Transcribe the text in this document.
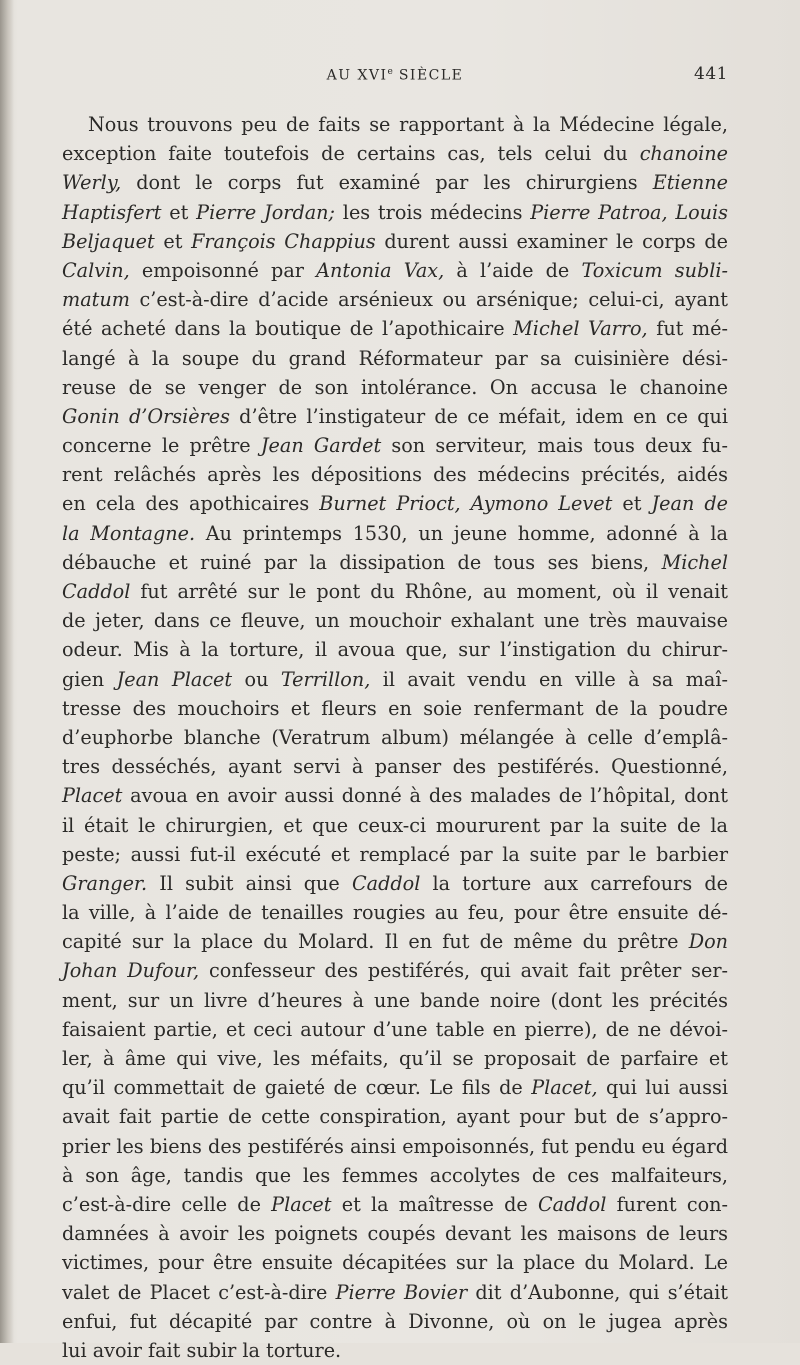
AU XVIe SIÈCLE	441
Nous trouvons peu de faits se rapportant à la Médecine légale,
exception faite toutefois de certains cas, tels celui du chanoine
Werly, dont le corps fut examiné par les chirurgiens Etienne
Haptisfert et Pierre Jordan; les trois médecins Pierre Patroa, Louis
Beljaquet et François Chappius durent aussi examiner le corps de
Calvin, empoisonné par Antonia Vax, à l’aide de Toxicum subli-
matum c’est-à-dire d’acide arsénieux ou arsénique; celui-ci, ayant
été acheté dans la boutique de l’apothicaire Michel Varro, fut mé-
langé à la soupe du grand Réformateur par sa cuisinière dési-
reuse de se venger de son intolérance. On accusa le chanoine
Gonin d’Orsières d’être l’instigateur de ce méfait, idem en ce qui
concerne le prêtre Jean Gardet son serviteur, mais tous deux fu-
rent relâchés après les dépositions des médecins précités, aidés
en cela des apothicaires Burnet Prioct, Aymono Levet et Jean de
la Montagne. Au printemps 1530, un jeune homme, adonné à la
débauche et ruiné par la dissipation de tous ses biens, Michel
Caddol fut arrêté sur le pont du Rhône, au moment, où il venait
de jeter, dans ce fleuve, un mouchoir exhalant une très mauvaise
odeur. Mis à la torture, il avoua que, sur l’instigation du chirur-
gien Jean Placet ou Terrillon, il avait vendu en ville à sa maî-
tresse des mouchoirs et fleurs en soie renfermant de la poudre
d’euphorbe blanche (Veratrum album) mélangée à celle d’emplâ-
tres desséchés, ayant servi à panser des pestiférés. Questionné,
Placet avoua en avoir aussi donné à des malades de l’hôpital, dont
il était le chirurgien, et que ceux-ci moururent par la suite de la
peste; aussi fut-il exécuté et remplacé par la suite par le barbier
Granger. Il subit ainsi que Caddol la torture aux carrefours de
la ville, à l’aide de tenailles rougies au feu, pour être ensuite dé-
capité sur la place du Molard. Il en fut de même du prêtre Don
Johan Dufour, confesseur des pestiférés, qui avait fait prêter ser-
ment, sur un livre d’heures à une bande noire (dont les précités
faisaient partie, et ceci autour d’une table en pierre), de ne dévoi-
ler, à âme qui vive, les méfaits, qu’il se proposait de parfaire et
qu’il commettait de gaieté de cœur. Le fils de Placet, qui lui aussi
avait fait partie de cette conspiration, ayant pour but de s’appro-
prier les biens des pestiférés ainsi empoisonnés, fut pendu eu égard
à son âge, tandis que les femmes accolytes de ces malfaiteurs,
c’est-à-dire celle de Placet et la maîtresse de Caddol furent con-
damnées à avoir les poignets coupés devant les maisons de leurs
victimes, pour être ensuite décapitées sur la place du Molard. Le
valet de Placet c’est-à-dire Pierre Bovier dit d’Aubonne, qui s’était
enfui, fut décapité par contre à Divonne, où on le jugea après
lui avoir fait subir la torture.
